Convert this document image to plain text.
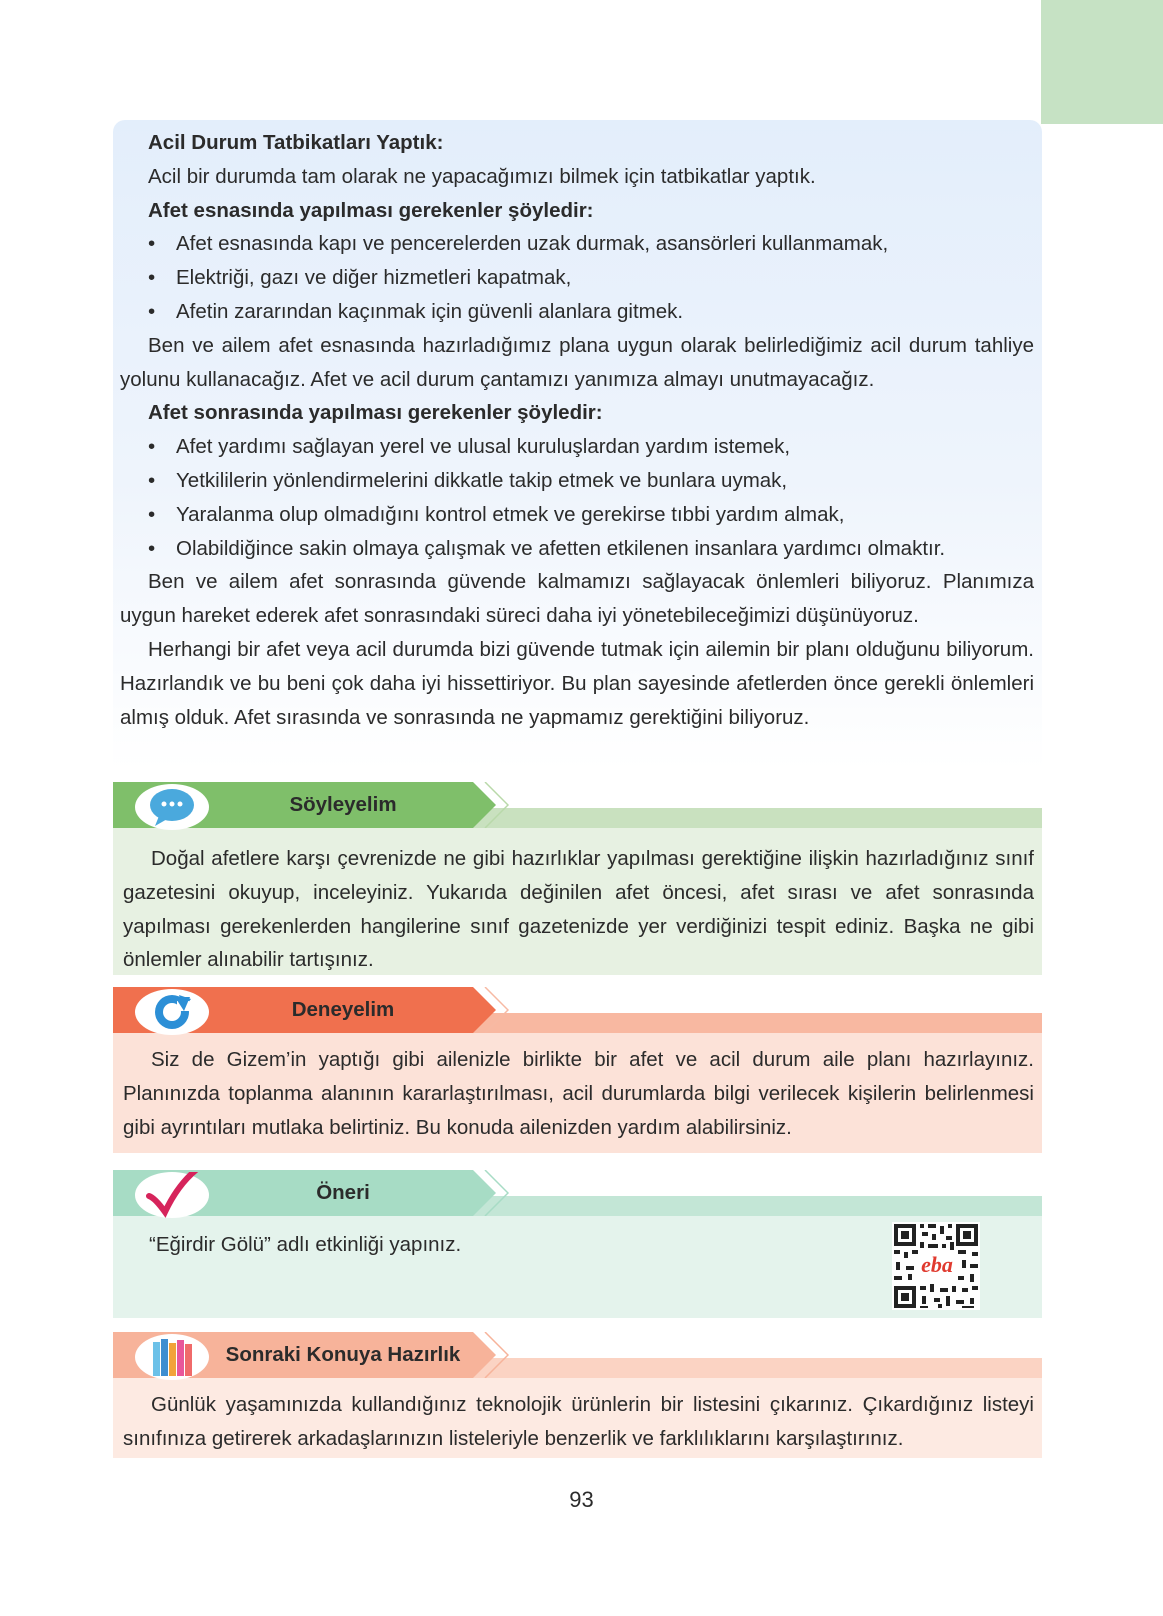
Acil Durum Tatbikatları Yaptık:

Acil bir durumda tam olarak ne yapacağımızı bilmek için tatbikatlar yaptık.

Afet esnasında yapılması gerekenler şöyledir:

• Afet esnasında kapı ve pencerelerden uzak durmak, asansörleri kullanmamak,
• Elektriği, gazı ve diğer hizmetleri kapatmak,
• Afetin zararından kaçınmak için güvenli alanlara gitmek.

Ben ve ailem afet esnasında hazırladığımız plana uygun olarak belirlediğimiz acil durum tahliye yolunu kullanacağız. Afet ve acil durum çantamızı yanımıza almayı unutmayacağız.

Afet sonrasında yapılması gerekenler şöyledir:

• Afet yardımı sağlayan yerel ve ulusal kuruluşlardan yardım istemek,
• Yetkililerin yönlendirmelerini dikkatle takip etmek ve bunlara uymak,
• Yaralanma olup olmadığını kontrol etmek ve gerekirse tıbbi yardım almak,
• Olabildiğince sakin olmaya çalışmak ve afetten etkilenen insanlara yardımcı olmaktır.

Ben ve ailem afet sonrasında güvende kalmamızı sağlayacak önlemleri biliyoruz. Planımıza uygun hareket ederek afet sonrasındaki süreci daha iyi yönetebileceğimizi düşünüyoruz.

Herhangi bir afet veya acil durumda bizi güvende tutmak için ailemin bir planı olduğunu biliyorum. Hazırlandık ve bu beni çok daha iyi hissettiriyor. Bu plan sayesinde afetlerden önce gerekli önlemleri almış olduk. Afet sırasında ve sonrasında ne yapmamız gerektiğini biliyoruz.

Doğal afetlere karşı çevrenizde ne gibi hazırlıklar yapılması gerektiğine ilişkin hazırladığınız sınıf gazetesini okuyup, inceleyiniz. Yukarıda değinilen afet öncesi, afet sırası ve afet sonrasında yapılması gerekenlerden hangilerine sınıf gazetenizde yer verdiğinizi tespit ediniz. Başka ne gibi önlemler alınabilir tartışınız.

Söyleyelim

Siz de Gizem’in yaptığı gibi ailenizle birlikte bir afet ve acil durum aile planı hazırlayınız. Planınızda toplanma alanının kararlaştırılması, acil durumlarda bilgi verilecek kişilerin belirlenmesi gibi ayrıntıları mutlaka belirtiniz. Bu konuda ailenizden yardım alabilirsiniz.

Deneyelim

“Eğirdir Gölü” adlı etkinliği yapınız.

Öneri
eba

Günlük yaşamınızda kullandığınız teknolojik ürünlerin bir listesini çıkarınız. Çıkardığınız listeyi sınıfınıza getirerek arkadaşlarınızın listeleriyle benzerlik ve farklılıklarını karşılaştırınız.

Sonraki Konuya Hazırlık
93
